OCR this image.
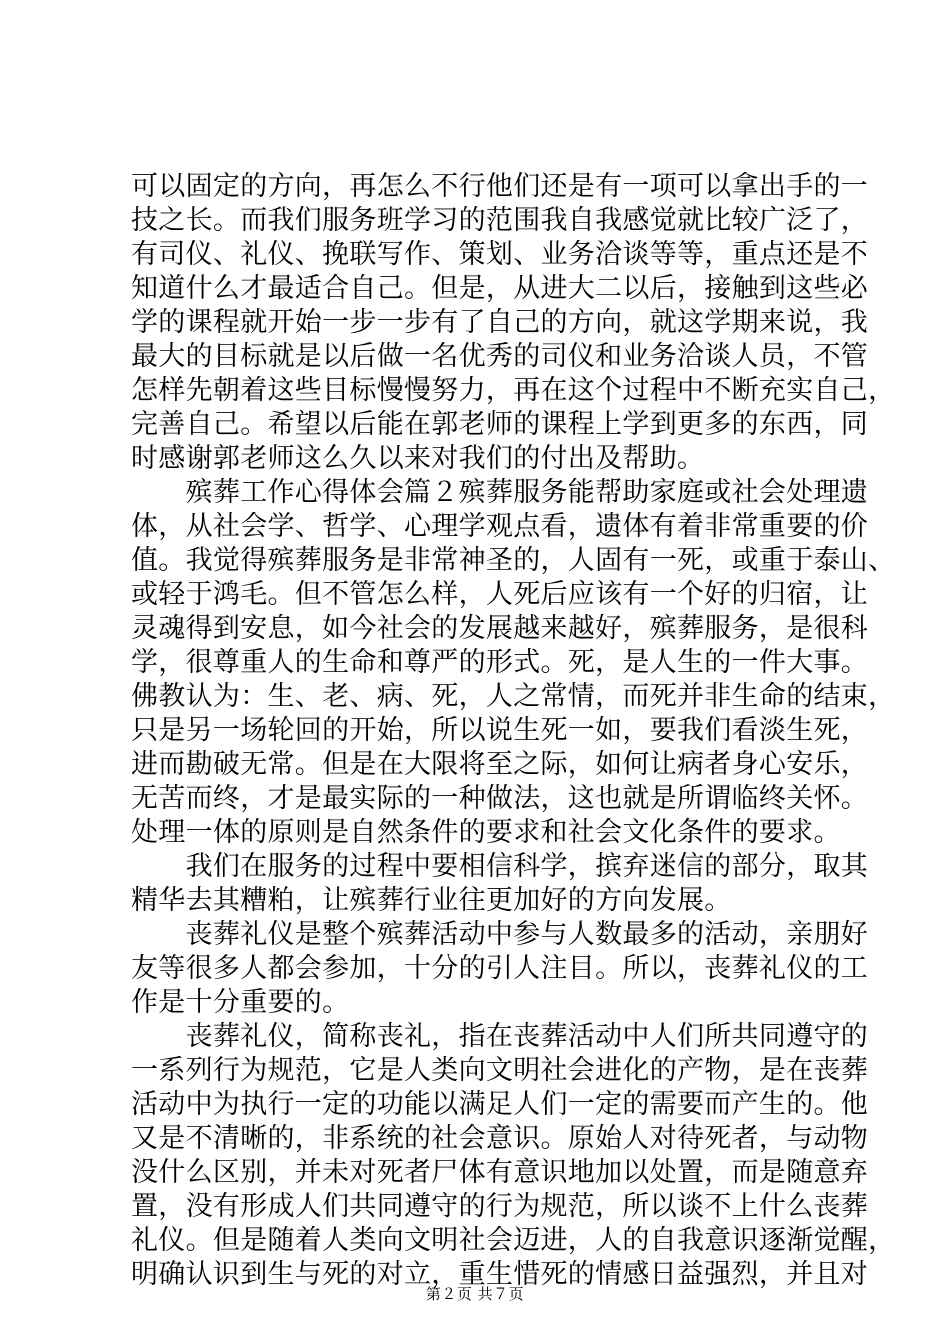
可以固定的方向，再怎么不行他们还是有一项可以拿出手的一
技之长。而我们服务班学习的范围我自我感觉就比较广泛了，
有司仪、礼仪、挽联写作、策划、业务洽谈等等，重点还是不
知道什么才最适合自己。但是，从进大二以后，接触到这些必
学的课程就开始一步一步有了自己的方向，就这学期来说，我
最大的目标就是以后做一名优秀的司仪和业务洽谈人员，不管
怎样先朝着这些目标慢慢努力，再在这个过程中不断充实自己，
完善自己。希望以后能在郭老师的课程上学到更多的东西，同
时感谢郭老师这么久以来对我们的付出及帮助。
　　殡葬工作心得体会篇２殡葬服务能帮助家庭或社会处理遗
体，从社会学、哲学、心理学观点看，遗体有着非常重要的价
值。我觉得殡葬服务是非常神圣的，人固有一死，或重于泰山、
或轻于鸿毛。但不管怎么样，人死后应该有一个好的归宿，让
灵魂得到安息，如今社会的发展越来越好，殡葬服务，是很科
学，很尊重人的生命和尊严的形式。死，是人生的一件大事。
佛教认为：生、老、病、死，人之常情，而死并非生命的结束，
只是另一场轮回的开始，所以说生死一如，要我们看淡生死，
进而勘破无常。但是在大限将至之际，如何让病者身心安乐，
无苦而终，才是最实际的一种做法，这也就是所谓临终关怀。
处理一体的原则是自然条件的要求和社会文化条件的要求。
　　我们在服务的过程中要相信科学，摈弃迷信的部分，取其
精华去其糟粕，让殡葬行业往更加好的方向发展。
　　丧葬礼仪是整个殡葬活动中参与人数最多的活动，亲朋好
友等很多人都会参加，十分的引人注目。所以，丧葬礼仪的工
作是十分重要的。
　　丧葬礼仪，简称丧礼，指在丧葬活动中人们所共同遵守的
一系列行为规范，它是人类向文明社会进化的产物，是在丧葬
活动中为执行一定的功能以满足人们一定的需要而产生的。他
又是不清晰的，非系统的社会意识。原始人对待死者，与动物
没什么区别，并未对死者尸体有意识地加以处置，而是随意弃
置，没有形成人们共同遵守的行为规范，所以谈不上什么丧葬
礼仪。但是随着人类向文明社会迈进，人的自我意识逐渐觉醒，
明确认识到生与死的对立，重生惜死的情感日益强烈，并且对
第２页 共７页
